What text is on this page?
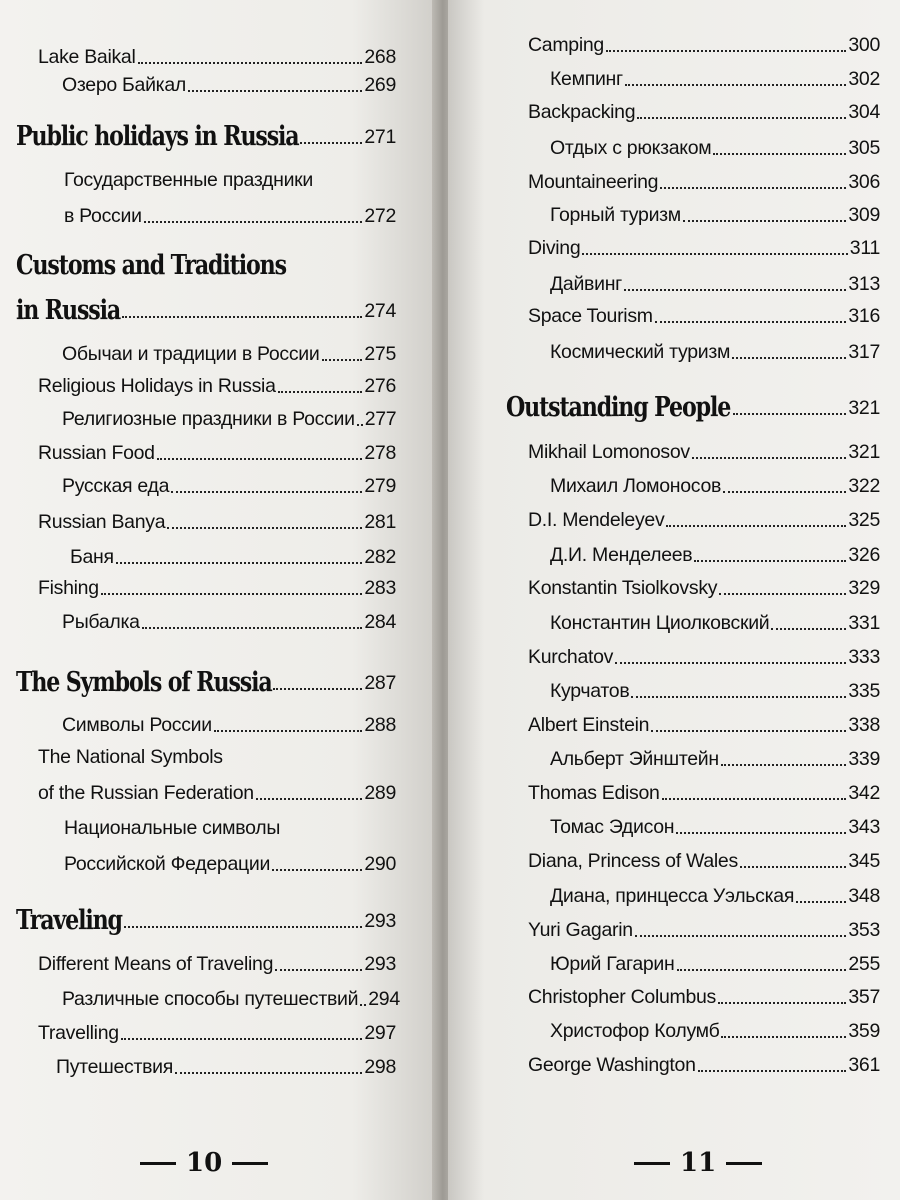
Lake Baikal	268
Озеро Байкал	269
Public holidays in Russia	271
Государственные праздники
в России	272
Customs and Traditions
in Russia	274
Обычаи и традиции в России 275
Religious Holidays in Russia	276
Религиозные праздники в России 277
Russian Food	278
Русская еда	279
Russian Banya	281
Баня	282
Fishing	283
Рыбалка	284
The Symbols of Russia	287
Символы России	288
The National Symbols
of the Russian Federation	289
Национальные символы
Российской Федерации	290
Traveling	293
Different Means of Traveling	293
Различные способы путешествий 294
Travelling	297
Путешествия	298
10
Camping	300
Кемпинг	302
Backpacking	304
Отдых с рюкзаком	305
Mountaineering	306
Горный туризм	309
Diving	311
Дайвинг	313
Space Tourism	316
Космический туризм	317
Outstanding People	321
Mikhail Lomonosov	321
Михаил Ломоносов	322
D.I. Mendeleyev	325
Д.И. Менделеев	326
Konstantin Tsiolkovsky	329
Константин Циолковский	331
Kurchatov	333
Курчатов	335
Albert Einstein	338
Альберт Эйнштейн	339
Thomas Edison	342
Томас Эдисон	343
Diana, Princess of Wales	345
Диана, принцесса Уэльская	348
Yuri Gagarin	353
Юрий Гагарин	255
Christopher Columbus	357
Христофор Колумб	359
George Washington	361
11
